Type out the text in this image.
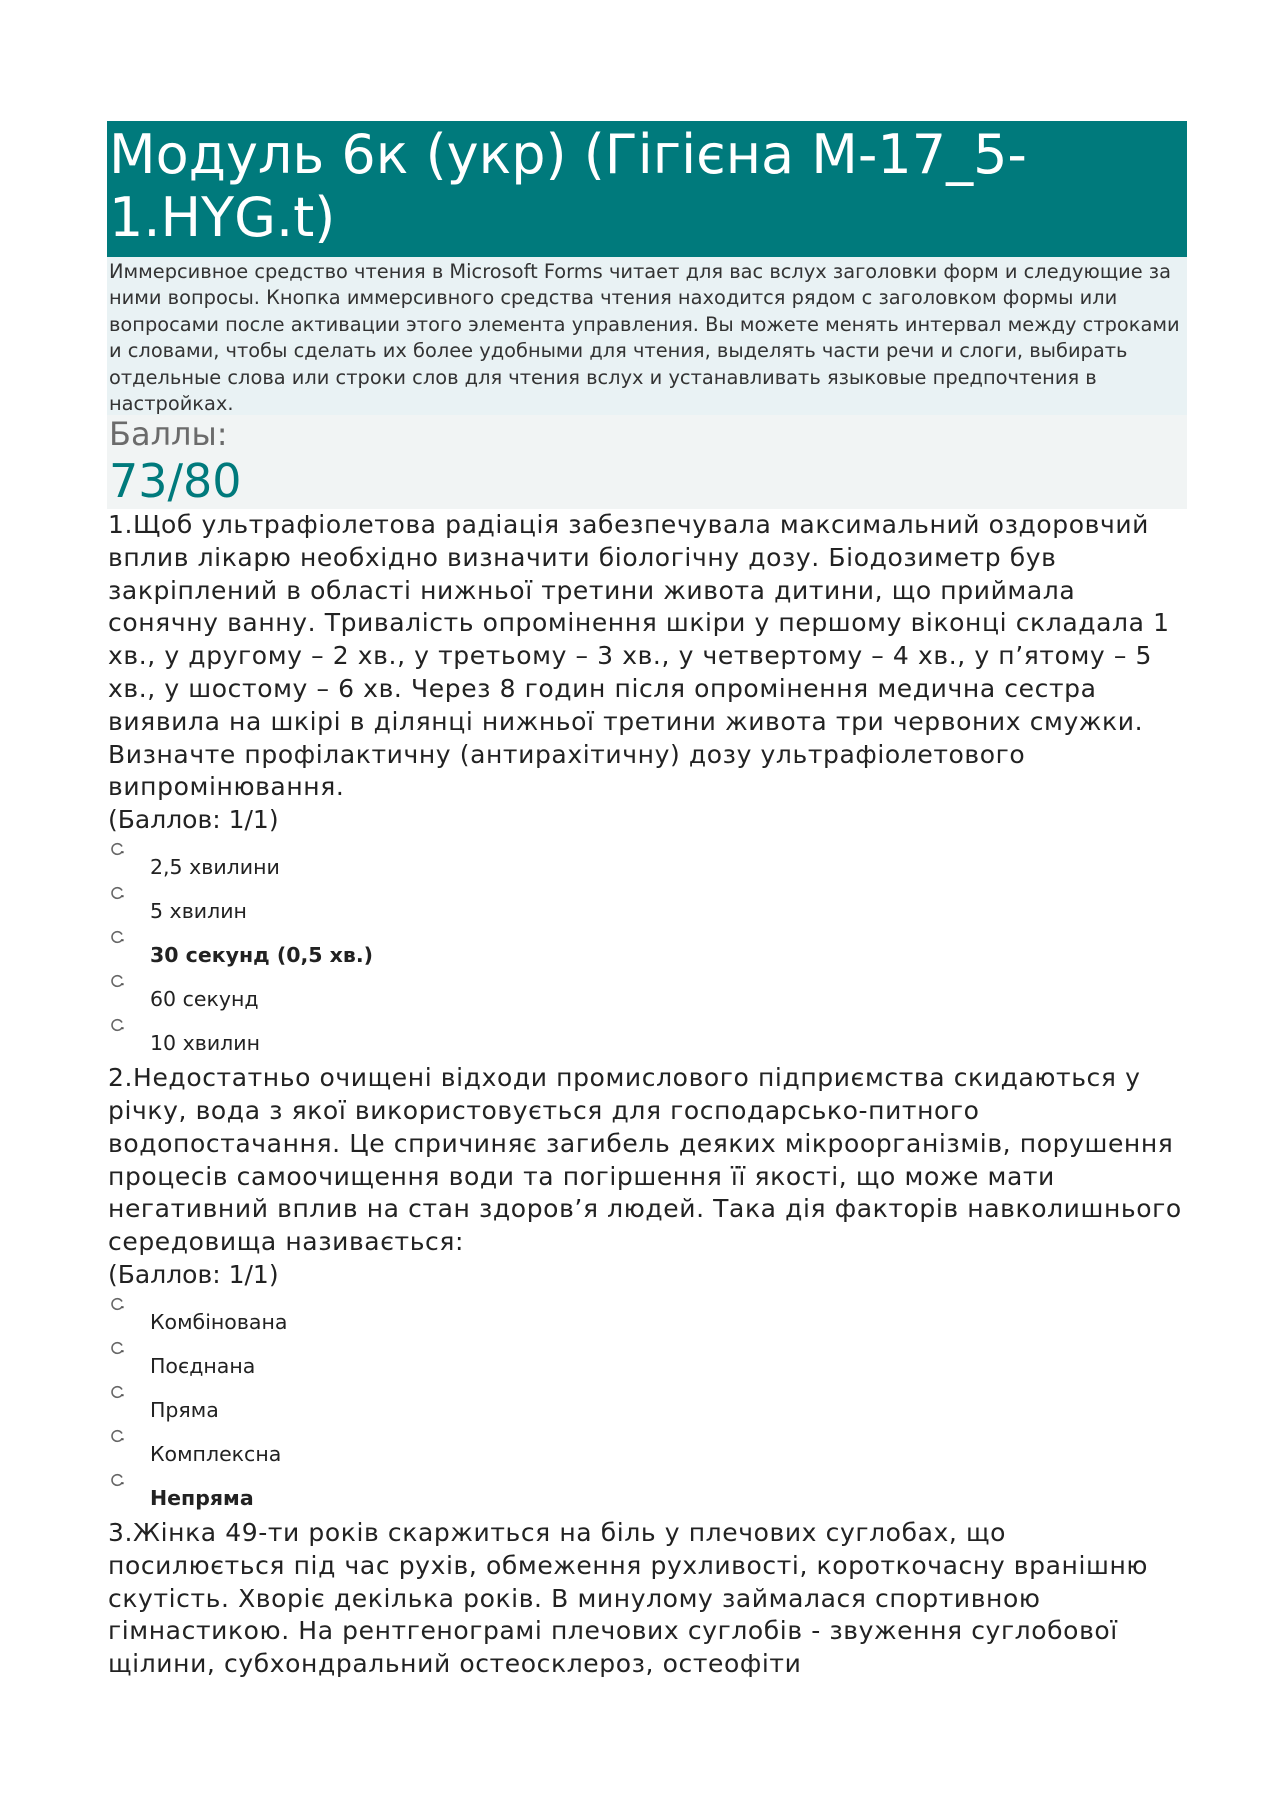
Модуль 6к (укр) (Гігієна М-17_5-1.HYG.t)
Иммерсивное средство чтения в Microsoft Forms читает для вас вслух заголовки форм и следующие за ними вопросы. Кнопка иммерсивного средства чтения находится рядом с заголовком формы или вопросами после активации этого элемента управления. Вы можете менять интервал между строками и словами, чтобы сделать их более удобными для чтения, выделять части речи и слоги, выбирать отдельные слова или строки слов для чтения вслух и устанавливать языковые предпочтения в настройках.
Баллы:
73/80
1.Щоб ультрафіолетова радіація забезпечувала максимальний оздоровчий вплив лікарю необхідно визначити біологічну дозу. Біодозиметр був закріплений в області нижньої третини живота дитини, що приймала сонячну ванну. Тривалість опромінення шкіри у першому віконці складала 1 хв., у другому – 2 хв., у третьому – 3 хв., у четвертому – 4 хв., у п’ятому – 5 хв., у шостому – 6 хв. Через 8 годин після опромінення медична сестра виявила на шкірі в ділянці нижньої третини живота три червоних смужки. Визначте профілактичну (антирахітичну) дозу ультрафіолетового випромінювання.
(Баллов: 1/1)
2,5 хвилини
5 хвилин
30 секунд (0,5 хв.)
60 секунд
10 хвилин
2.Недостатньо очищені відходи промислового підприємства скидаються у річку, вода з якої використовується для господарсько-питного водопостачання. Це спричиняє загибель деяких мікроорганізмів, порушення процесів самоочищення води та погіршення її якості, що може мати негативний вплив на стан здоров’я людей. Така дія факторів навколишнього середовища називається:
(Баллов: 1/1)
Комбінована
Поєднана
Пряма
Комплексна
Непряма
3.Жінка 49-ти років скаржиться на біль у плечових суглобах, що посилюється під час рухів, обмеження рухливості, короткочасну вранішню скутість. Хворіє декілька років. В минулому займалася спортивною гімнастикою. На рентгенограмі плечових суглобів - звуження суглобової щілини, субхондральний остеосклероз, остеофіти
